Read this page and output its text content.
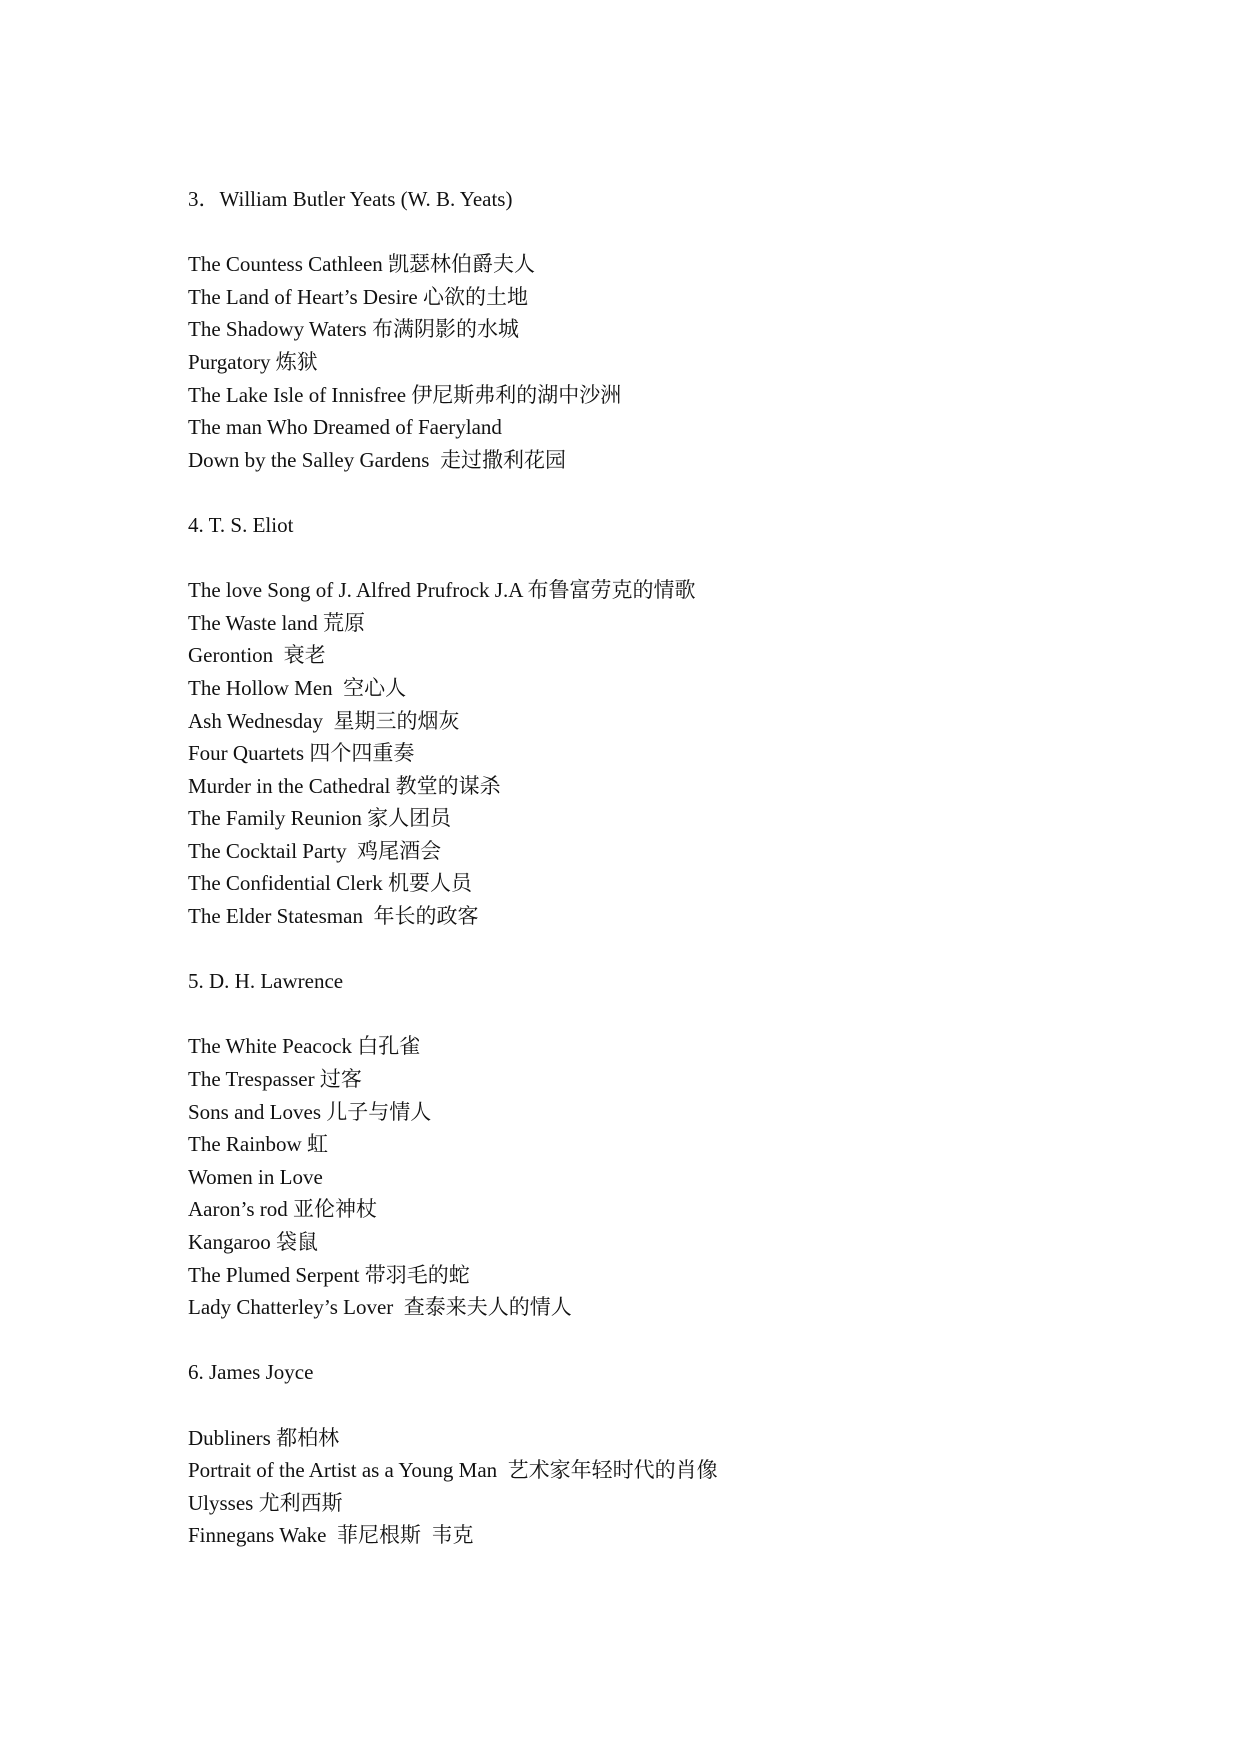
3．William Butler Yeats (W. B. Yeats)
The Countess Cathleen 凯瑟林伯爵夫人
The Land of Heart’s Desire 心欲的土地
The Shadowy Waters 布满阴影的水城
Purgatory 炼狱
The Lake Isle of Innisfree 伊尼斯弗利的湖中沙洲
The man Who Dreamed of Faeryland
Down by the Salley Gardens  走过撒利花园
4. T. S. Eliot
The love Song of J. Alfred Prufrock J.A 布鲁富劳克的情歌
The Waste land 荒原
Gerontion  衰老
The Hollow Men  空心人
Ash Wednesday  星期三的烟灰
Four Quartets 四个四重奏
Murder in the Cathedral 教堂的谋杀
The Family Reunion 家人团员
The Cocktail Party  鸡尾酒会
The Confidential Clerk 机要人员
The Elder Statesman  年长的政客
5. D. H. Lawrence
The White Peacock 白孔雀
The Trespasser 过客
Sons and Loves 儿子与情人
The Rainbow 虹
Women in Love
Aaron’s rod 亚伦神杖
Kangaroo 袋鼠
The Plumed Serpent 带羽毛的蛇
Lady Chatterley’s Lover  查泰来夫人的情人
6. James Joyce
Dubliners 都柏林
Portrait of the Artist as a Young Man  艺术家年轻时代的肖像
Ulysses 尤利西斯
Finnegans Wake  菲尼根斯  韦克
